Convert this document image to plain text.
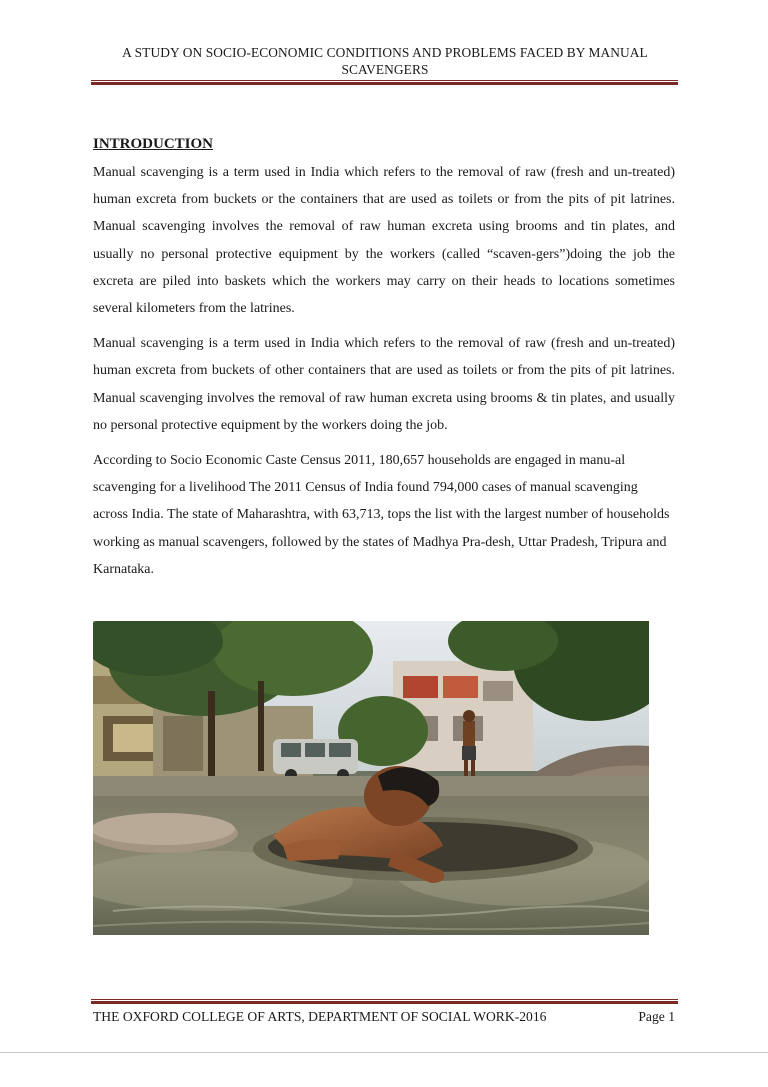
A STUDY ON SOCIO-ECONOMIC CONDITIONS AND PROBLEMS FACED BY MANUAL SCAVENGERS
INTRODUCTION

Manual scavenging is a term used in India which refers to the removal of raw (fresh and un-treated) human excreta from buckets or the containers that are used as toilets or from the pits of pit latrines. Manual scavenging involves the removal of raw human excreta using brooms and tin plates, and usually no personal protective equipment by the workers (called “scaven-gers”)doing the job the excreta are piled into baskets which the workers may carry on their heads to locations sometimes several kilometers from the latrines.

Manual scavenging is a term used in India which refers to the removal of raw (fresh and un-treated) human excreta from buckets of other containers that are used as toilets or from the pits of pit latrines. Manual scavenging involves the removal of raw human excreta using brooms & tin plates, and usually no personal protective equipment by the workers doing the job.

According to Socio Economic Caste Census 2011, 180,657 households are engaged in manu-al scavenging for a livelihood The 2011 Census of India found 794,000 cases of manual scavenging across India. The state of Maharashtra, with 63,713, tops the list with the largest number of households working as manual scavengers, followed by the states of Madhya Pra-desh, Uttar Pradesh, Tripura and Karnataka.

THE OXFORD COLLEGE OF ARTS, DEPARTMENT OF SOCIAL WORK-2016	Page 1
